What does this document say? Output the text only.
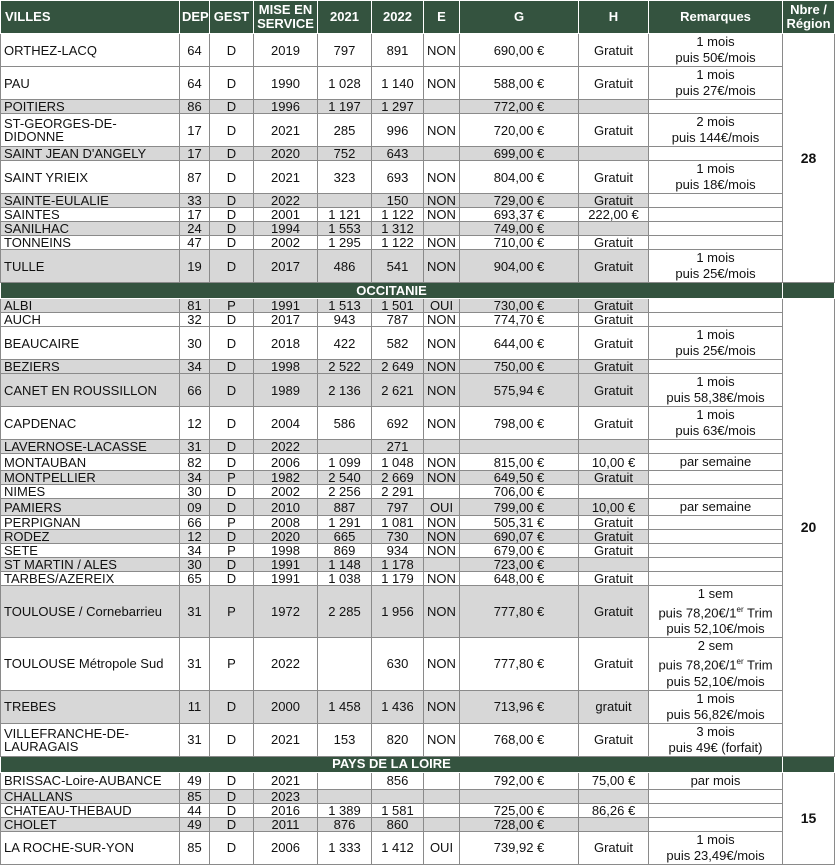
VILLES	DEP	GEST	MISE EN SERVICE	2021	2022	E	G	H	Remarques	Nbre / Région
ORTHEZ-LACQ	64	D	2019	797	891	NON	690,00 €	Gratuit	1 mois
puis 50€/mois	28
PAU	64	D	1990	1 028	1 140	NON	588,00 €	Gratuit	1 mois
puis 27€/mois	
POITIERS	86	D	1996	1 197	1 297		772,00 €			
ST-GEORGES-DE-DIDONNE	17	D	2021	285	996	NON	720,00 €	Gratuit	2 mois
puis 144€/mois	
SAINT JEAN D'ANGELY	17	D	2020	752	643		699,00 €			
SAINT YRIEIX	87	D	2021	323	693	NON	804,00 €	Gratuit	1 mois
puis 18€/mois	
SAINTE-EULALIE	33	D	2022		150	NON	729,00 €	Gratuit		
SAINTES	17	D	2001	1 121	1 122	NON	693,37 €	222,00 €		
SANILHAC	24	D	1994	1 553	1 312		749,00 €			
TONNEINS	47	D	2002	1 295	1 122	NON	710,00 €	Gratuit		
TULLE	19	D	2017	486	541	NON	904,00 €	Gratuit	1 mois
puis 25€/mois	
OCCITANIE										
ALBI	81	P	1991	1 513	1 501	OUI	730,00 €	Gratuit		20
AUCH	32	D	2017	943	787	NON	774,70 €	Gratuit		
BEAUCAIRE	30	D	2018	422	582	NON	644,00 €	Gratuit	1 mois
puis 25€/mois	
BEZIERS	34	D	1998	2 522	2 649	NON	750,00 €	Gratuit		
CANET EN ROUSSILLON	66	D	1989	2 136	2 621	NON	575,94 €	Gratuit	1 mois
puis 58,38€/mois	
CAPDENAC	12	D	2004	586	692	NON	798,00 €	Gratuit	1 mois
puis 63€/mois	
LAVERNOSE-LACASSE	31	D	2022		271					
MONTAUBAN	82	D	2006	1 099	1 048	NON	815,00 €	10,00 €	par semaine	
MONTPELLIER	34	P	1982	2 540	2 669	NON	649,50 €	Gratuit		
NIMES	30	D	2002	2 256	2 291		706,00 €			
PAMIERS	09	D	2010	887	797	OUI	799,00 €	10,00 €	par semaine	
PERPIGNAN	66	P	2008	1 291	1 081	NON	505,31 €	Gratuit		
RODEZ	12	D	2020	665	730	NON	690,07 €	Gratuit		
SETE	34	P	1998	869	934	NON	679,00 €	Gratuit		
ST MARTIN / ALES	30	D	1991	1 148	1 178		723,00 €			
TARBES/AZEREIX	65	D	1991	1 038	1 179	NON	648,00 €	Gratuit		
TOULOUSE / Cornebarrieu	31	P	1972	2 285	1 956	NON	777,80 €	Gratuit	1 sem
puis 78,20€/1er Trim
puis 52,10€/mois	
TOULOUSE Métropole Sud	31	P	2022		630	NON	777,80 €	Gratuit	2 sem
puis 78,20€/1er Trim
puis 52,10€/mois	
TREBES	11	D	2000	1 458	1 436	NON	713,96 €	gratuit	1 mois
puis 56,82€/mois	
VILLEFRANCHE-DE-LAURAGAIS	31	D	2021	153	820	NON	768,00 €	Gratuit	3 mois
puis 49€ (forfait)	
PAYS DE LA LOIRE										
BRISSAC-Loire-AUBANCE	49	D	2021		856		792,00 €	75,00 €	par mois	15
CHALLANS	85	D	2023							
CHATEAU-THEBAUD	44	D	2016	1 389	1 581		725,00 €	86,26 €		
CHOLET	49	D	2011	876	860		728,00 €			
LA ROCHE-SUR-YON	85	D	2006	1 333	1 412	OUI	739,92 €	Gratuit	1 mois
puis 23,49€/mois	
